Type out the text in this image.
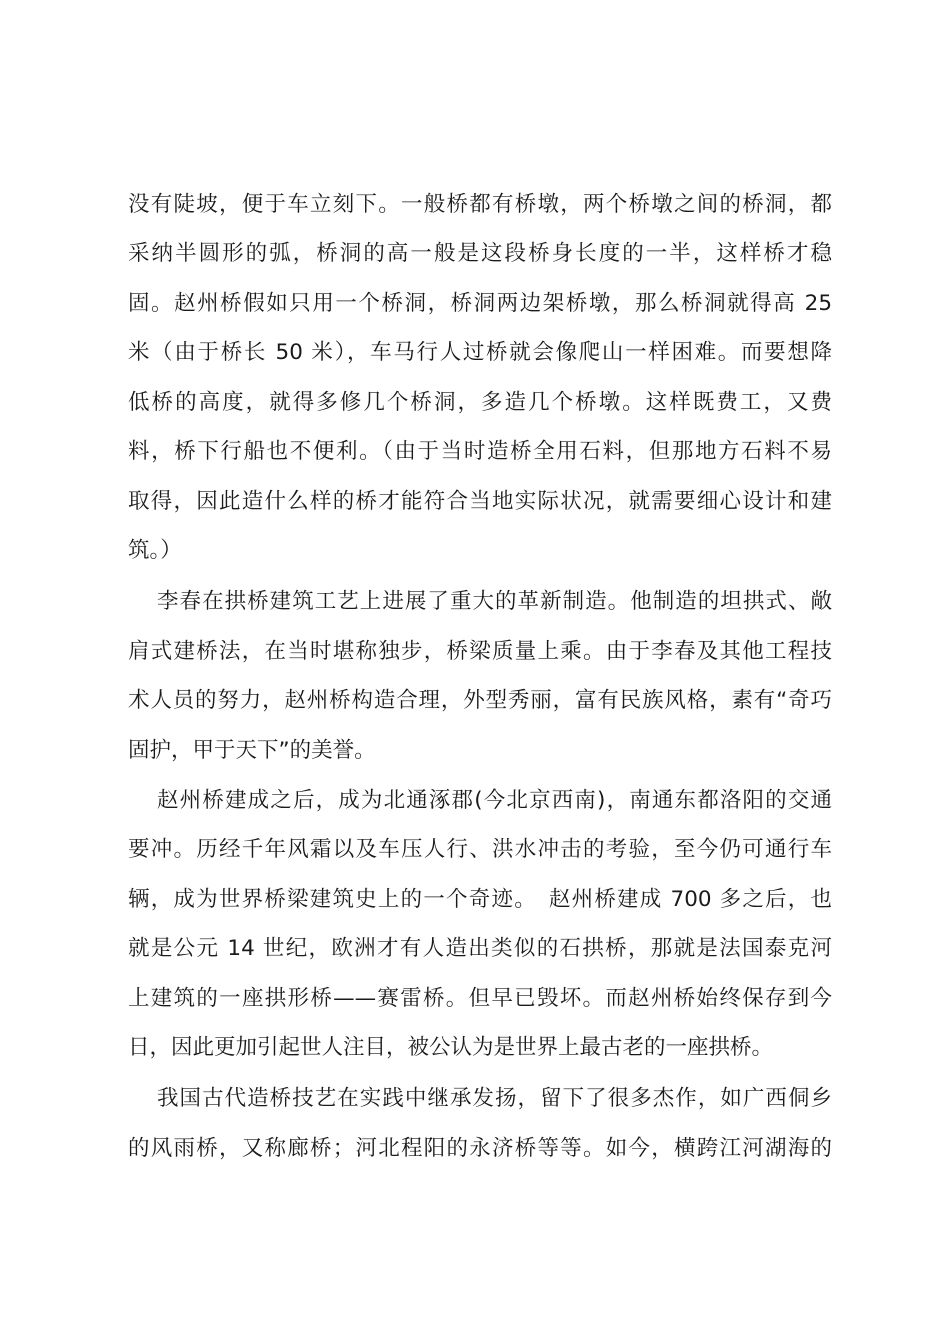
没有陡坡，便于车立刻下。一般桥都有桥墩，两个桥墩之间的桥洞，都
采纳半圆形的弧，桥洞的高一般是这段桥身长度的一半，这样桥才稳
固。赵州桥假如只用一个桥洞，桥洞两边架桥墩，那么桥洞就得高 25
米（由于桥长 50 米），车马行人过桥就会像爬山一样困难。而要想降
低桥的高度，就得多修几个桥洞，多造几个桥墩。这样既费工，又费
料，桥下行船也不便利。（由于当时造桥全用石料，但那地方石料不易
取得，因此造什么样的桥才能符合当地实际状况，就需要细心设计和建
筑。）
李春在拱桥建筑工艺上进展了重大的革新制造。他制造的坦拱式、敞
肩式建桥法，在当时堪称独步，桥梁质量上乘。由于李春及其他工程技
术人员的努力，赵州桥构造合理，外型秀丽，富有民族风格，素有“奇巧
固护，甲于天下”的美誉。
赵州桥建成之后，成为北通涿郡(今北京西南)，南通东都洛阳的交通
要冲。历经千年风霜以及车压人行、洪水冲击的考验，至今仍可通行车
辆，成为世界桥梁建筑史上的一个奇迹。　赵州桥建成 700 多之后，也
就是公元 14 世纪，欧洲才有人造出类似的石拱桥，那就是法国泰克河
上建筑的一座拱形桥——赛雷桥。但早已毁坏。而赵州桥始终保存到今
日，因此更加引起世人注目，被公认为是世界上最古老的一座拱桥。
我国古代造桥技艺在实践中继承发扬，留下了很多杰作，如广西侗乡
的风雨桥，又称廊桥；河北程阳的永济桥等等。如今，横跨江河湖海的
